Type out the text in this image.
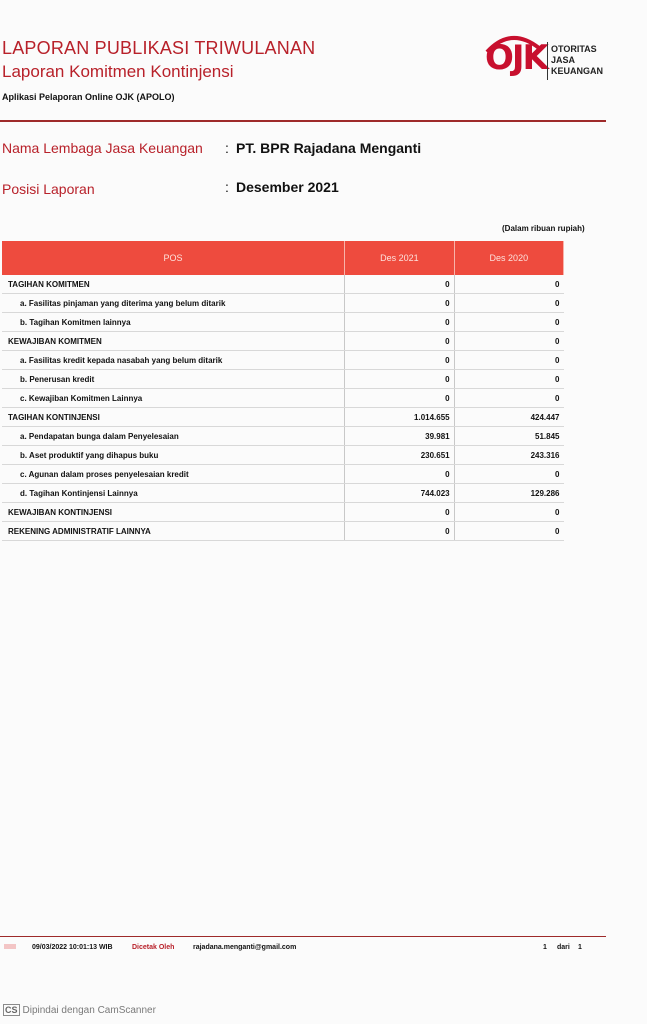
LAPORAN PUBLIKASI TRIWULANAN
Laporan Komitmen Kontinjensi
Aplikasi Pelaporan Online OJK (APOLO)
OJK OTORITAS
JASA
KEUANGAN
Nama Lembaga Jasa Keuangan : PT. BPR Rajadana Menganti
Posisi Laporan	: Desember 2021
(Dalam ribuan rupiah)
POS	Des 2021	Des 2020
TAGIHAN KOMITMEN	0	0
a. Fasilitas pinjaman yang diterima yang belum ditarik	0	0
b. Tagihan Komitmen lainnya	0	0
KEWAJIBAN KOMITMEN	0	0
a. Fasilitas kredit kepada nasabah yang belum ditarik	0	0
b. Penerusan kredit	0	0
c. Kewajiban Komitmen Lainnya	0	0
TAGIHAN KONTINJENSI	1.014.655	424.447
a. Pendapatan bunga dalam Penyelesaian	39.981	51.845
b. Aset produktif yang dihapus buku	230.651	243.316
c. Agunan dalam proses penyelesaian kredit	0	0
d. Tagihan Kontinjensi Lainnya	744.023	129.286
KEWAJIBAN KONTINJENSI	0	0
REKENING ADMINISTRATIF LAINNYA	0	0
09/03/2022 10:01:13 WIB	Dicetak Oleh	rajadana.menganti@gmail.com	1 dari 1
CS Dipindai dengan CamScanner
